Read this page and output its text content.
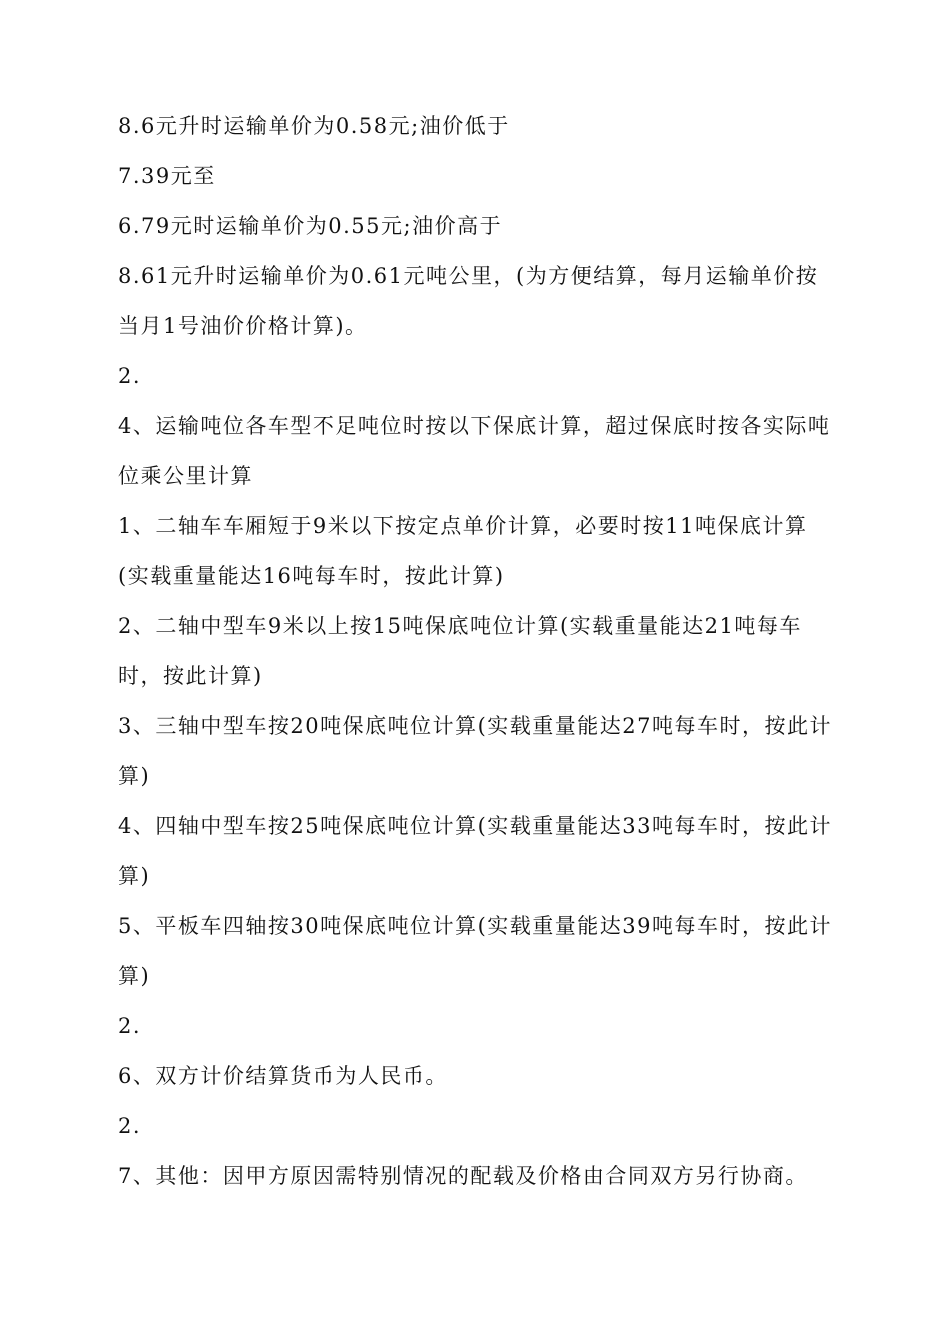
8.6元升时运输单价为0.58元;油价低于

7.39元至

6.79元时运输单价为0.55元;油价高于

8.61元升时运输单价为0.61元吨公里，(为方便结算，每月运输单价按当月1号油价价格计算)。

2.

4、运输吨位各车型不足吨位时按以下保底计算，超过保底时按各实际吨位乘公里计算

1、二轴车车厢短于9米以下按定点单价计算，必要时按11吨保底计算(实载重量能达16吨每车时，按此计算)

2、二轴中型车9米以上按15吨保底吨位计算(实载重量能达21吨每车时，按此计算)

3、三轴中型车按20吨保底吨位计算(实载重量能达27吨每车时，按此计算)

4、四轴中型车按25吨保底吨位计算(实载重量能达33吨每车时，按此计算)

5、平板车四轴按30吨保底吨位计算(实载重量能达39吨每车时，按此计算)

2.

6、双方计价结算货币为人民币。

2.

7、其他：因甲方原因需特别情况的配载及价格由合同双方另行协商。
